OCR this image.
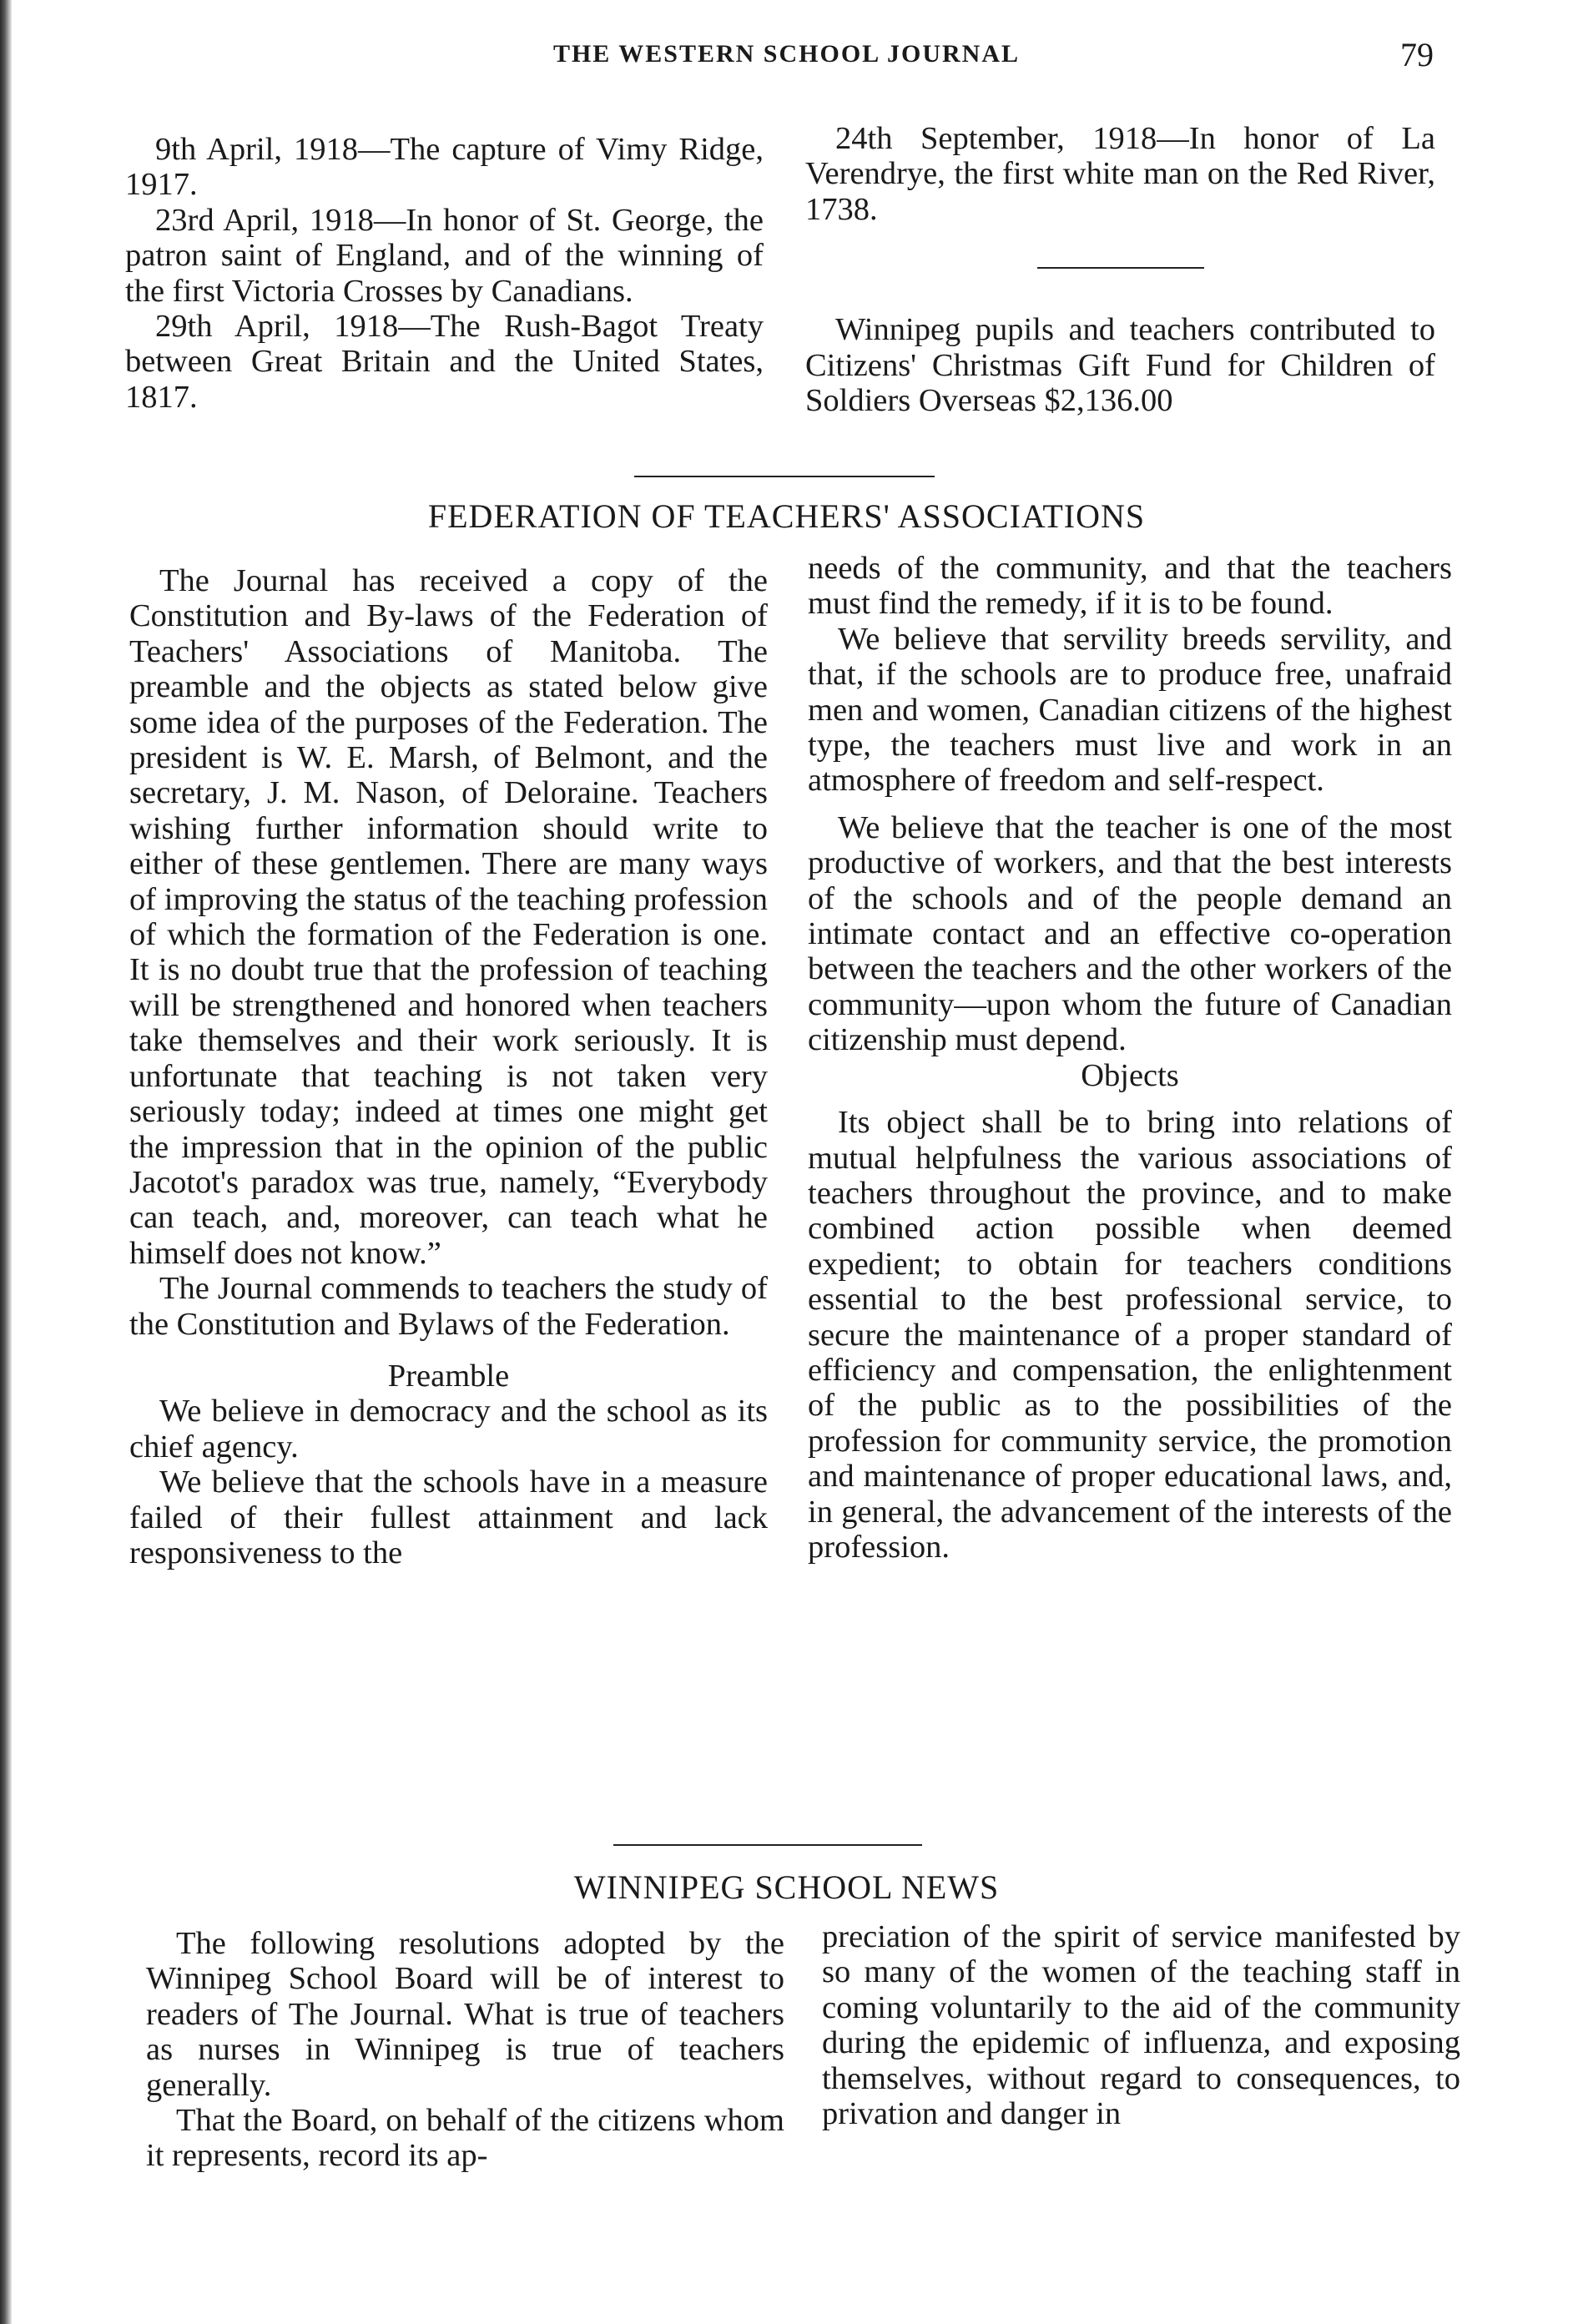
THE WESTERN SCHOOL JOURNAL	79

9th April, 1918—The capture of Vimy Ridge, 1917.

23rd April, 1918—In honor of St. George, the patron saint of England, and of the winning of the first Victoria Crosses by Canadians.

29th April, 1918—The Rush-Bagot Treaty between Great Britain and the United States, 1817.

24th September, 1918—In honor of La Verendrye, the first white man on the Red River, 1738.

Winnipeg pupils and teachers contributed to Citizens' Christmas Gift Fund for Children of Soldiers Overseas $2,136.00

FEDERATION OF TEACHERS' ASSOCIATIONS

The Journal has received a copy of the Constitution and By-laws of the Federation of Teachers' Associations of Manitoba. The preamble and the objects as stated below give some idea of the purposes of the Federation. The president is W. E. Marsh, of Belmont, and the secretary, J. M. Nason, of Deloraine. Teachers wishing further information should write to either of these gentlemen. There are many ways of improving the status of the teaching profession of which the formation of the Federation is one. It is no doubt true that the profession of teaching will be strengthened and honored when teachers take themselves and their work seriously. It is unfortunate that teaching is not taken very seriously today; indeed at times one might get the impression that in the opinion of the public Jacotot's paradox was true, namely, “Everybody can teach, and, moreover, can teach what he himself does not know.”

The Journal commends to teachers the study of the Constitution and Bylaws of the Federation.

Preamble

We believe in democracy and the school as its chief agency.

We believe that the schools have in a measure failed of their fullest attainment and lack responsiveness to the

needs of the community, and that the teachers must find the remedy, if it is to be found.

We believe that servility breeds servility, and that, if the schools are to produce free, unafraid men and women, Canadian citizens of the highest type, the teachers must live and work in an atmosphere of freedom and self-respect.

We believe that the teacher is one of the most productive of workers, and that the best interests of the schools and of the people demand an intimate contact and an effective co-operation between the teachers and the other workers of the community—upon whom the future of Canadian citizenship must depend.

Objects

Its object shall be to bring into relations of mutual helpfulness the various associations of teachers throughout the province, and to make combined action possible when deemed expedient; to obtain for teachers conditions essential to the best professional service, to secure the maintenance of a proper standard of efficiency and compensation, the enlightenment of the public as to the possibilities of the profession for community service, the promotion and maintenance of proper educational laws, and, in general, the advancement of the interests of the profession.

WINNIPEG SCHOOL NEWS

The following resolutions adopted by the Winnipeg School Board will be of interest to readers of The Journal. What is true of teachers as nurses in Winnipeg is true of teachers generally.

That the Board, on behalf of the citizens whom it represents, record its ap-

preciation of the spirit of service manifested by so many of the women of the teaching staff in coming voluntarily to the aid of the community during the epidemic of influenza, and exposing themselves, without regard to consequences, to privation and danger in
